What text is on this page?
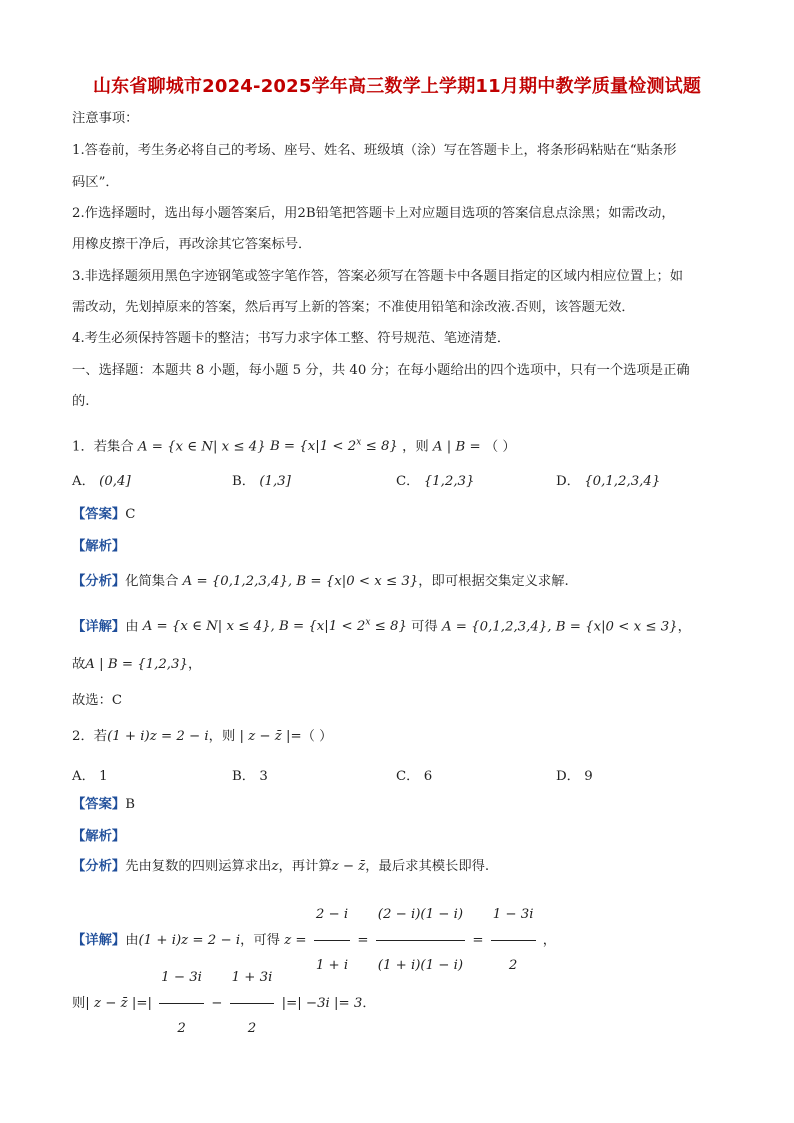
山东省聊城市2024-2025学年高三数学上学期11月期中教学质量检测试题
注意事项：
1.答卷前，考生务必将自己的考场、座号、姓名、班级填（涂）写在答题卡上，将条形码粘贴在“贴条形
码区”．
2.作选择题时，选出每小题答案后，用2B铅笔把答题卡上对应题目选项的答案信息点涂黑；如需改动，
用橡皮擦干净后，再改涂其它答案标号．
3.非选择题须用黑色字迹钢笔或签字笔作答，答案必须写在答题卡中各题目指定的区域内相应位置上；如
需改动，先划掉原来的答案，然后再写上新的答案；不准使用铅笔和涂改液.否则，该答题无效．
4.考生必须保持答题卡的整洁；书写力求字体工整、符号规范、笔迹清楚．
一、选择题：本题共 8 小题，每小题 5 分，共 40 分；在每小题给出的四个选项中，只有一个选项是正确
的.
1．若集合 A = {x ∈ N| x ≤ 4} $B = \{x|1 < 2^x \le 8\}$ ，则 A | B = （ ）
A． (0,4]	B． (1,3]	C． {1,2,3}	D． {0,1,2,3,4}
【答案】C
【解析】
【分析】化简集合 A = {0,1,2,3,4}, B = {x|0 < x ≤ 3}，即可根据交集定义求解.
【详解】由 A = {x ∈ N| x ≤ 4}, $B = \{x|1 < 2^x \le 8\}$ 可得 A = {0,1,2,3,4}, B = {x|0 < x ≤ 3}，
故A | B = {1,2,3}，
故选：C
2．若(1 + i)z = 2 − i，则 | z − z̄ |=（ ）
A． 1	B． 3	C． 6	D． 9
【答案】B
【解析】
【分析】先由复数的四则运算求出z，再计算z − z̄，最后求其模长即得.
【详解】由(1 + i)z = 2 − i，可得 $z = \frac{2 - i}{1 + i} = \frac{(2 - i)(1 - i)}{(1 + i)(1 - i)} = \frac{1 - 3i}{2}$ ，
则| z − z̄ |=| $\frac{1 - 3i}{2} - \frac{1 + 3i}{2}$ |=| −3i |= 3．
